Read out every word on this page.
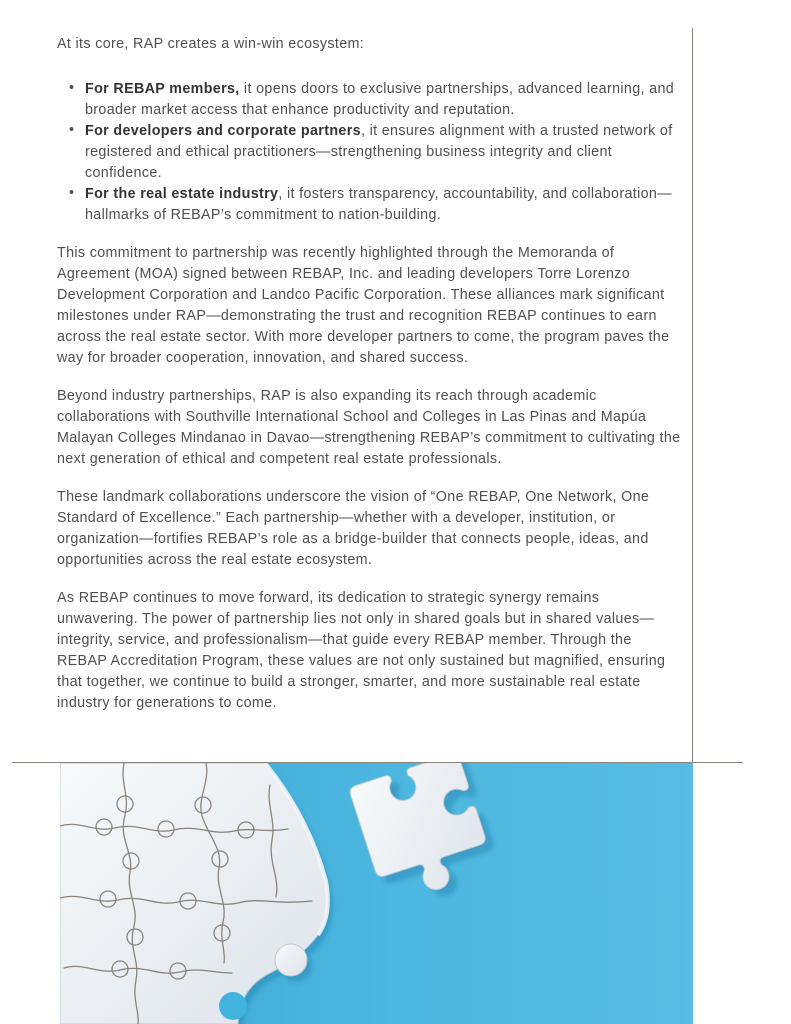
At its core, RAP creates a win-win ecosystem:

• For REBAP members, it opens doors to exclusive partnerships, advanced learning, and broader market access that enhance productivity and reputation.
• For developers and corporate partners, it ensures alignment with a trusted network of registered and ethical practitioners—strengthening business integrity and client confidence.
• For the real estate industry, it fosters transparency, accountability, and collaboration—hallmarks of REBAP’s commitment to nation-building.

This commitment to partnership was recently highlighted through the Memoranda of Agreement (MOA) signed between REBAP, Inc. and leading developers Torre Lorenzo Development Corporation and Landco Pacific Corporation. These alliances mark significant milestones under RAP—demonstrating the trust and recognition REBAP continues to earn across the real estate sector. With more developer partners to come, the program paves the way for broader cooperation, innovation, and shared success.

Beyond industry partnerships, RAP is also expanding its reach through academic collaborations with Southville International School and Colleges in Las Pinas and Mapúa Malayan Colleges Mindanao in Davao—strengthening REBAP’s commitment to cultivating the next generation of ethical and competent real estate professionals.

These landmark collaborations underscore the vision of “One REBAP, One Network, One Standard of Excellence.” Each partnership—whether with a developer, institution, or organization—fortifies REBAP’s role as a bridge-builder that connects people, ideas, and opportunities across the real estate ecosystem.

As REBAP continues to move forward, its dedication to strategic synergy remains unwavering. The power of partnership lies not only in shared goals but in shared values—integrity, service, and professionalism—that guide every REBAP member. Through the REBAP Accreditation Program, these values are not only sustained but magnified, ensuring that together, we continue to build a stronger, smarter, and more sustainable real estate industry for generations to come.
